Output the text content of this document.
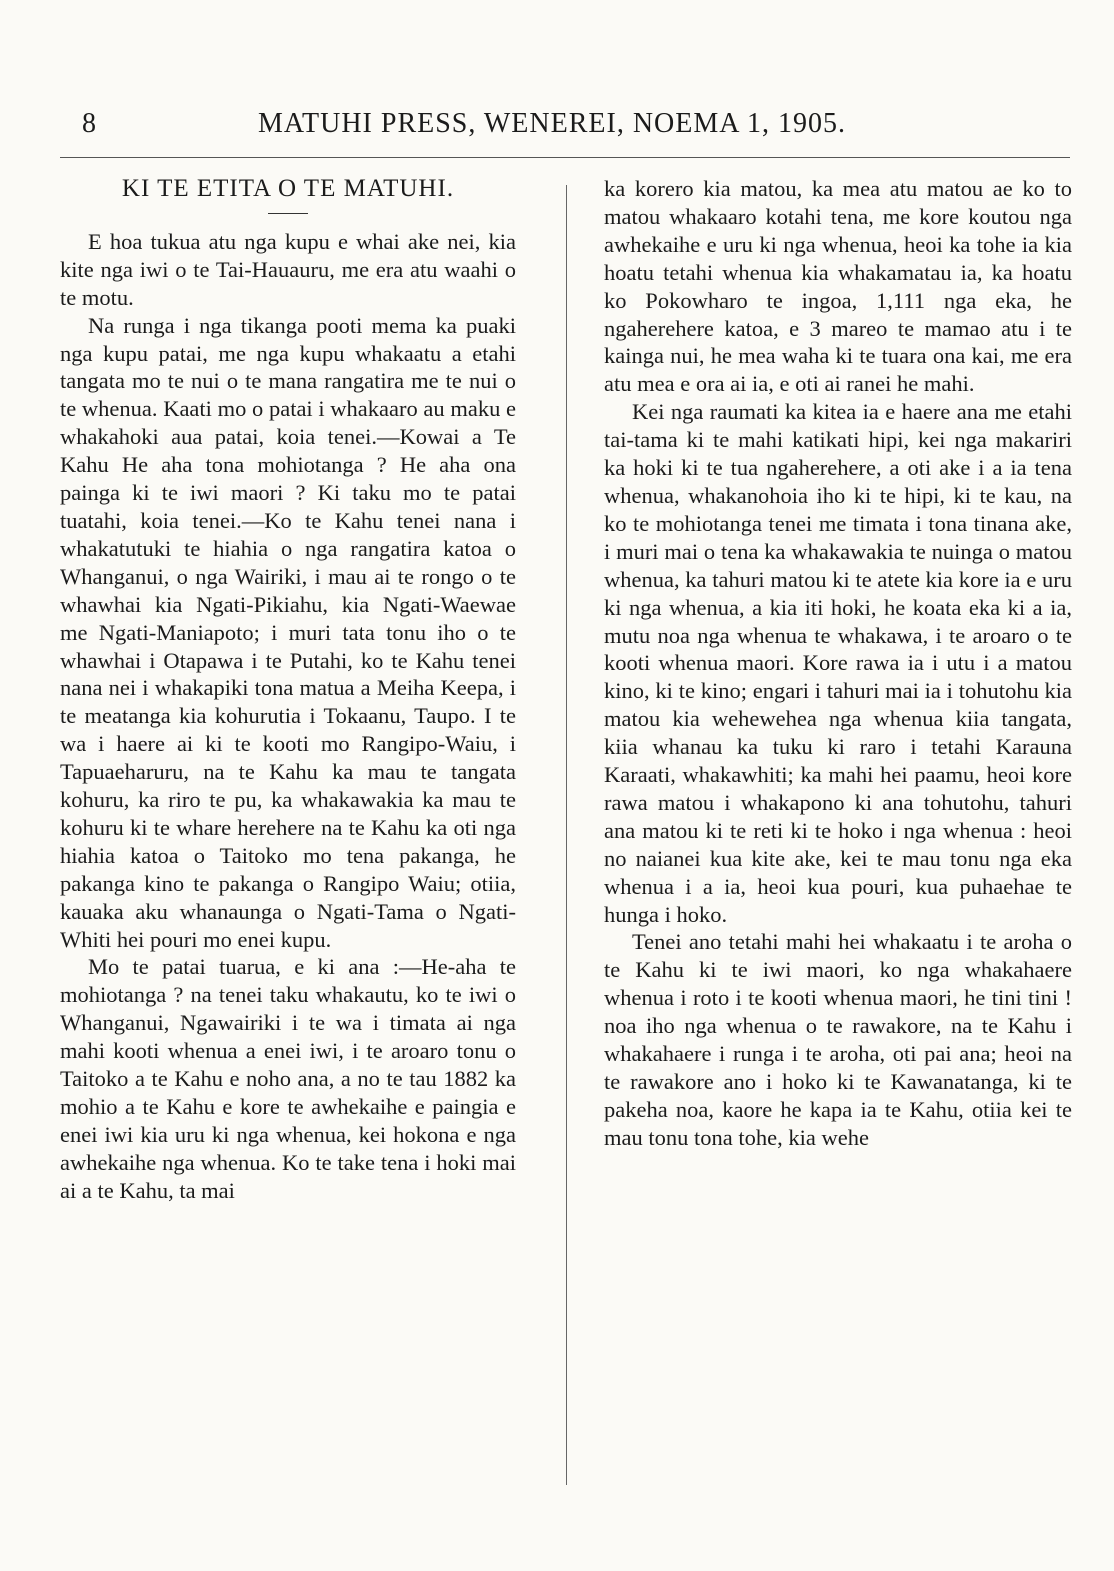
8	MATUHI PRESS, WENEREI, NOEMA 1, 1905.

KI TE ETITA O TE MATUHI.

E hoa tukua atu nga kupu e whai ake nei, kia kite nga iwi o te Tai-Hauauru, me era atu waahi o te motu.

Na runga i nga tikanga pooti mema ka puaki nga kupu patai, me nga kupu whakaatu a etahi tangata mo te nui o te mana rangatira me te nui o te whenua. Kaati mo o patai i whakaaro au maku e whakahoki aua patai, koia tenei.—Kowai a Te Kahu He aha tona mohiotanga ? He aha ona painga ki te iwi maori ? Ki taku mo te patai tuatahi, koia tenei.—Ko te Kahu tenei nana i whakatutuki te hiahia o nga rangatira katoa o Whanganui, o nga Wairiki, i mau ai te rongo o te whawhai kia Ngati-Pikiahu, kia Ngati-Waewae me Ngati-Maniapoto; i muri tata tonu iho o te whawhai i Otapawa i te Putahi, ko te Kahu tenei nana nei i whakapiki tona matua a Meiha Keepa, i te meatanga kia kohurutia i Tokaanu, Taupo. I te wa i haere ai ki te kooti mo Rangipo-Waiu, i Tapuaeharuru, na te Kahu ka mau te tangata kohuru, ka riro te pu, ka whakawakia ka mau te kohuru ki te whare herehere na te Kahu ka oti nga hiahia katoa o Taitoko mo tena pakanga, he pakanga kino te pakanga o Rangipo Waiu; otiia, kauaka aku whanaunga o Ngati-Tama o Ngati-Whiti hei pouri mo enei kupu.

Mo te patai tuarua, e ki ana :—He-aha te mohiotanga ? na tenei taku whakautu, ko te iwi o Whanganui, Ngawairiki i te wa i timata ai nga mahi kooti whenua a enei iwi, i te aroaro tonu o Taitoko a te Kahu e noho ana, a no te tau 1882 ka mohio a te Kahu e kore te awhekaihe e paingia e enei iwi kia uru ki nga whenua, kei hokona e nga awhekaihe nga whenua. Ko te take tena i hoki mai ai a te Kahu, ta mai

ka korero kia matou, ka mea atu matou ae ko to matou whakaaro kotahi tena, me kore koutou nga awhekaihe e uru ki nga whenua, heoi ka tohe ia kia hoatu tetahi whenua kia whakamatau ia, ka hoatu ko Pokowharo te ingoa, 1,111 nga eka, he ngaherehere katoa, e 3 mareo te mamao atu i te kainga nui, he mea waha ki te tuara ona kai, me era atu mea e ora ai ia, e oti ai ranei he mahi.

Kei nga raumati ka kitea ia e haere ana me etahi tai-tama ki te mahi katikati hipi, kei nga makariri ka hoki ki te tua ngaherehere, a oti ake i a ia tena whenua, whakanohoia iho ki te hipi, ki te kau, na ko te mohiotanga tenei me timata i tona tinana ake, i muri mai o tena ka whakawakia te nuinga o matou whenua, ka tahuri matou ki te atete kia kore ia e uru ki nga whenua, a kia iti hoki, he koata eka ki a ia, mutu noa nga whenua te whakawa, i te aroaro o te kooti whenua maori. Kore rawa ia i utu i a matou kino, ki te kino; engari i tahuri mai ia i tohutohu kia matou kia wehewehea nga whenua kiia tangata, kiia whanau ka tuku ki raro i tetahi Karauna Karaati, whakawhiti; ka mahi hei paamu, heoi kore rawa matou i whakapono ki ana tohutohu, tahuri ana matou ki te reti ki te hoko i nga whenua : heoi no naianei kua kite ake, kei te mau tonu nga eka whenua i a ia, heoi kua pouri, kua puhaehae te hunga i hoko.

Tenei ano tetahi mahi hei whakaatu i te aroha o te Kahu ki te iwi maori, ko nga whakahaere whenua i roto i te kooti whenua maori, he tini tini ! noa iho nga whenua o te rawakore, na te Kahu i whakahaere i runga i te aroha, oti pai ana; heoi na te rawakore ano i hoko ki te Kawanatanga, ki te pakeha noa, kaore he kapa ia te Kahu, otiia kei te mau tonu tona tohe, kia wehe
